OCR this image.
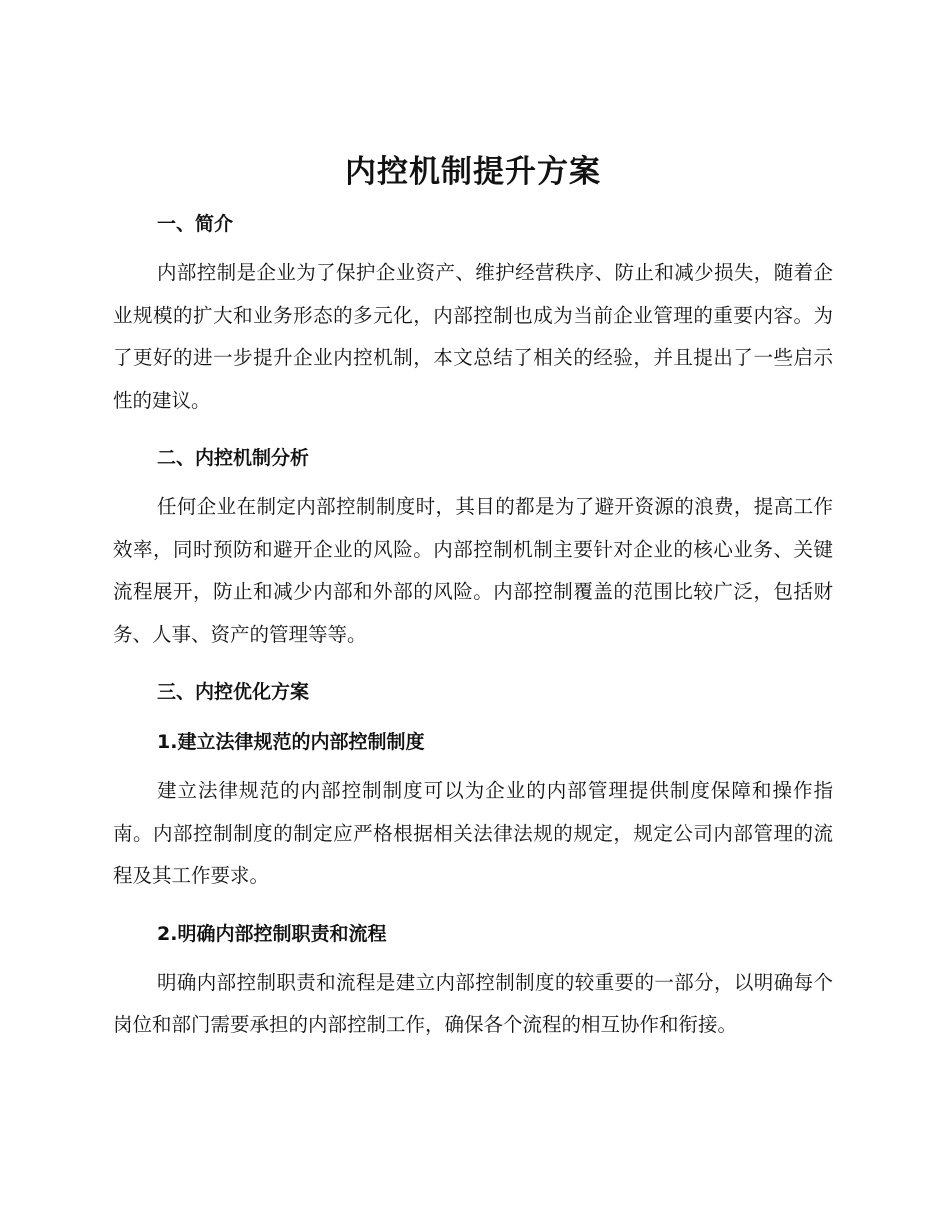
内控机制提升方案
一、简介

内部控制是企业为了保护企业资产、维护经营秩序、防止和减少损失，随着企业规模的扩大和业务形态的多元化，内部控制也成为当前企业管理的重要内容。为了更好的进一步提升企业内控机制，本文总结了相关的经验，并且提出了一些启示性的建议。

二、内控机制分析

任何企业在制定内部控制制度时，其目的都是为了避开资源的浪费，提高工作效率，同时预防和避开企业的风险。内部控制机制主要针对企业的核心业务、关键流程展开，防止和减少内部和外部的风险。内部控制覆盖的范围比较广泛，包括财务、人事、资产的管理等等。

三、内控优化方案
1.建立法律规范的内部控制制度

建立法律规范的内部控制制度可以为企业的内部管理提供制度保障和操作指南。内部控制制度的制定应严格根据相关法律法规的规定，规定公司内部管理的流程及其工作要求。

2.明确内部控制职责和流程

明确内部控制职责和流程是建立内部控制制度的较重要的一部分，以明确每个岗位和部门需要承担的内部控制工作，确保各个流程的相互协作和衔接。
